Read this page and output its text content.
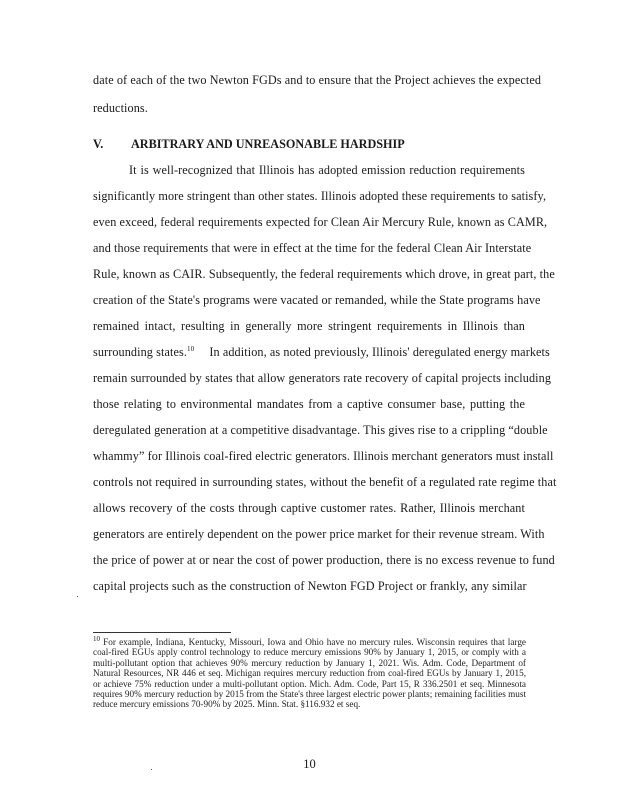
date of each of the two Newton FGDs and to ensure that the Project achieves the expected
reductions.
V. ARBITRARY AND UNREASONABLE HARDSHIP
It is well-recognized that Illinois has adopted emission reduction requirements
significantly more stringent than other states. Illinois adopted these requirements to satisfy,
even exceed, federal requirements expected for Clean Air Mercury Rule, known as CAMR,
and those requirements that were in effect at the time for the federal Clean Air Interstate
Rule, known as CAIR. Subsequently, the federal requirements which drove, in great part, the
creation of the State's programs were vacated or remanded, while the State programs have
remained intact, resulting in generally more stringent requirements in Illinois than
surrounding states.$^{10}$ In addition, as noted previously, Illinois' deregulated energy markets
remain surrounded by states that allow generators rate recovery of capital projects including
those relating to environmental mandates from a captive consumer base, putting the
deregulated generation at a competitive disadvantage. This gives rise to a crippling “double
whammy” for Illinois coal-fired electric generators. Illinois merchant generators must install
controls not required in surrounding states, without the benefit of a regulated rate regime that
allows recovery of the costs through captive customer rates. Rather, Illinois merchant
generators are entirely dependent on the power price market for their revenue stream. With
the price of power at or near the cost of power production, there is no excess revenue to fund
capital projects such as the construction of Newton FGD Project or frankly, any similar
$^{10}$ For example, Indiana, Kentucky, Missouri, Iowa and Ohio have no mercury rules. Wisconsin requires that large coal-fired EGUs apply control technology to reduce mercury emissions 90% by January 1, 2015, or comply with a multi-pollutant option that achieves 90% mercury reduction by January 1, 2021. Wis. Adm. Code, Department of Natural Resources, NR 446 et seq. Michigan requires mercury reduction from coal-fired EGUs by January 1, 2015, or achieve 75% reduction under a multi-pollutant option. Mich. Adm. Code, Part 15, R 336.2501 et seq. Minnesota requires 90% mercury reduction by 2015 from the State's three largest electric power plants; remaining facilities must reduce mercury emissions 70-90% by 2025. Minn. Stat. §116.932 et seq.
10
